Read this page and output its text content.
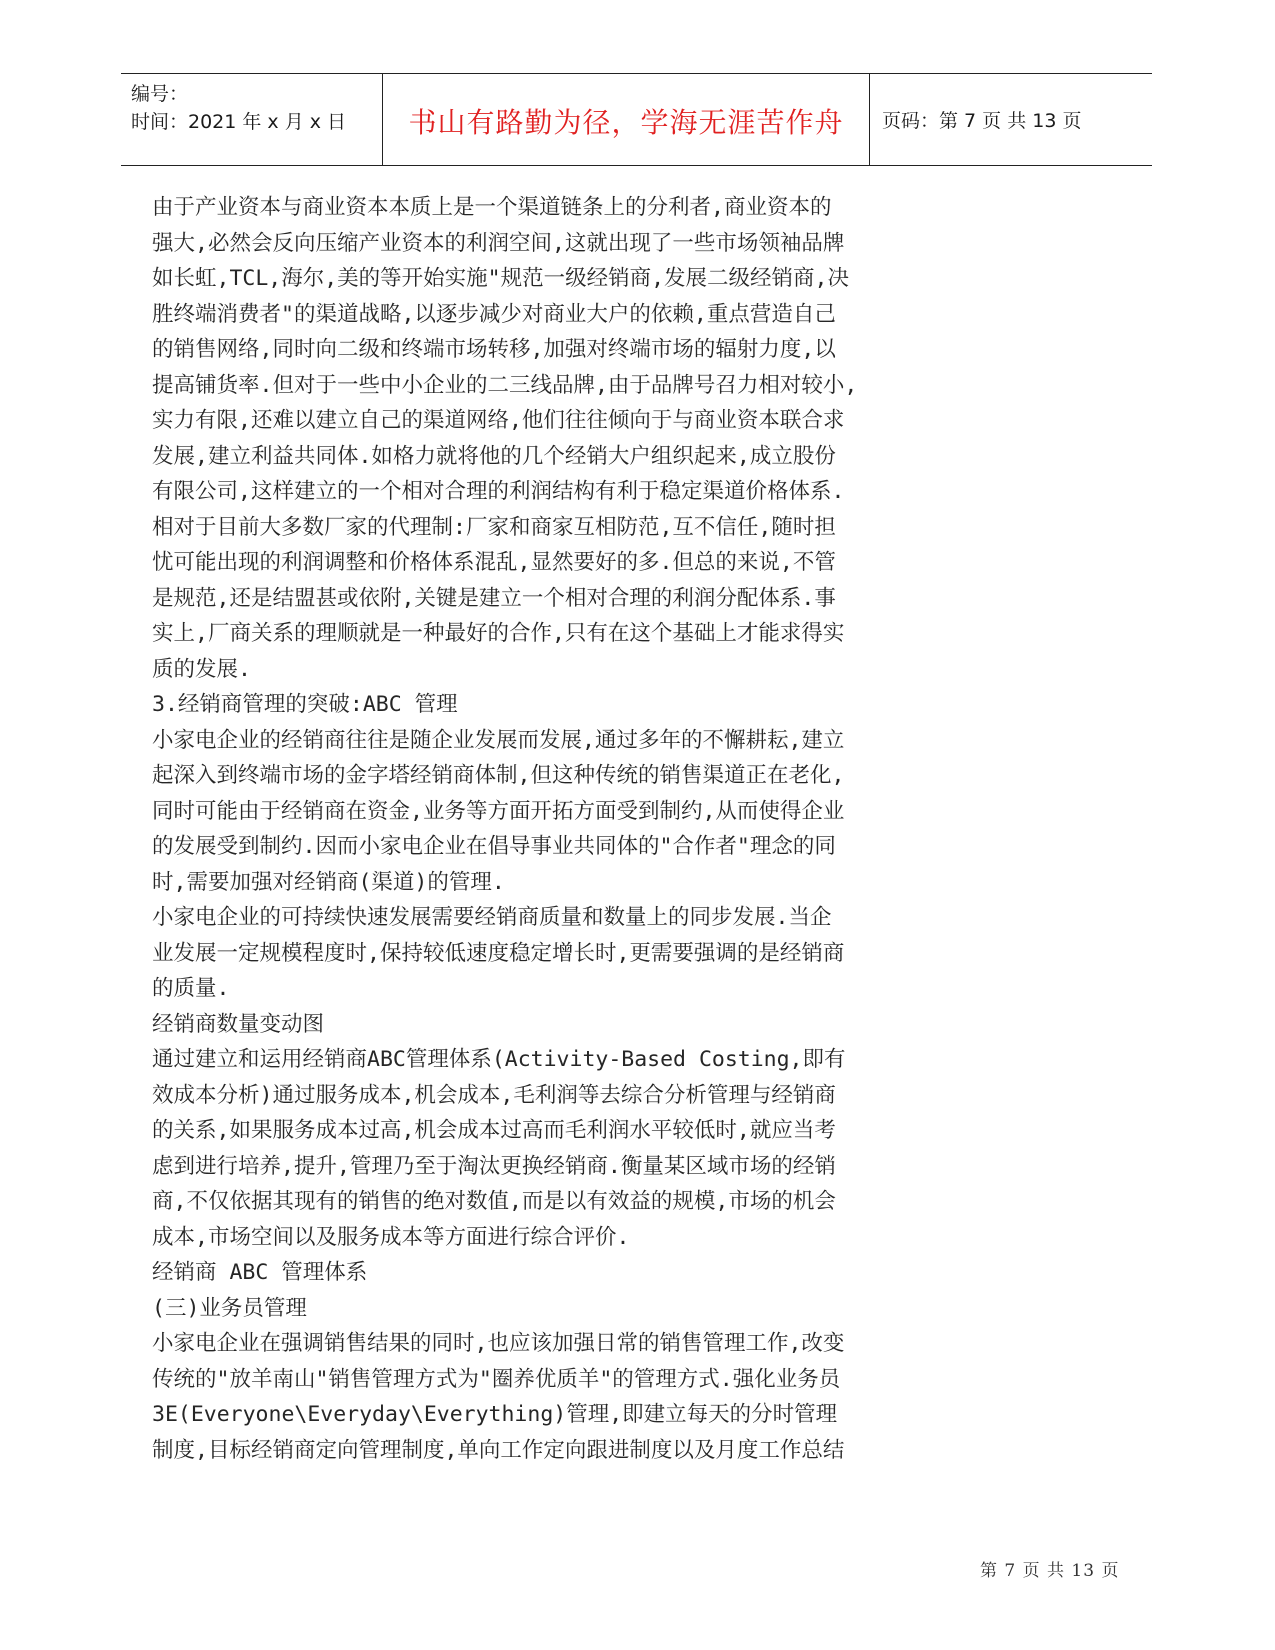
编号：
时间：2021 年 x 月 x 日	书山有路勤为径，学海无涯苦作舟 页码：第 7 页 共 13 页
由于产业资本与商业资本本质上是一个渠道链条上的分利者,商业资本的
强大,必然会反向压缩产业资本的利润空间,这就出现了一些市场领袖品牌
如长虹,TCL,海尔,美的等开始实施"规范一级经销商,发展二级经销商,决
胜终端消费者"的渠道战略,以逐步减少对商业大户的依赖,重点营造自己
的销售网络,同时向二级和终端市场转移,加强对终端市场的辐射力度,以
提高铺货率.但对于一些中小企业的二三线品牌,由于品牌号召力相对较小,
实力有限,还难以建立自己的渠道网络,他们往往倾向于与商业资本联合求
发展,建立利益共同体.如格力就将他的几个经销大户组织起来,成立股份
有限公司,这样建立的一个相对合理的利润结构有利于稳定渠道价格体系.
相对于目前大多数厂家的代理制:厂家和商家互相防范,互不信任,随时担
忧可能出现的利润调整和价格体系混乱,显然要好的多.但总的来说,不管
是规范,还是结盟甚或依附,关键是建立一个相对合理的利润分配体系.事
实上,厂商关系的理顺就是一种最好的合作,只有在这个基础上才能求得实
质的发展.
3.经销商管理的突破:ABC 管理
小家电企业的经销商往往是随企业发展而发展,通过多年的不懈耕耘,建立
起深入到终端市场的金字塔经销商体制,但这种传统的销售渠道正在老化,
同时可能由于经销商在资金,业务等方面开拓方面受到制约,从而使得企业
的发展受到制约.因而小家电企业在倡导事业共同体的"合作者"理念的同
时,需要加强对经销商(渠道)的管理.
小家电企业的可持续快速发展需要经销商质量和数量上的同步发展.当企
业发展一定规模程度时,保持较低速度稳定增长时,更需要强调的是经销商
的质量.
经销商数量变动图
通过建立和运用经销商ABC管理体系(Activity-Based Costing,即有
效成本分析)通过服务成本,机会成本,毛利润等去综合分析管理与经销商
的关系,如果服务成本过高,机会成本过高而毛利润水平较低时,就应当考
虑到进行培养,提升,管理乃至于淘汰更换经销商.衡量某区域市场的经销
商,不仅依据其现有的销售的绝对数值,而是以有效益的规模,市场的机会
成本,市场空间以及服务成本等方面进行综合评价.
经销商 ABC 管理体系
(三)业务员管理
小家电企业在强调销售结果的同时,也应该加强日常的销售管理工作,改变
传统的"放羊南山"销售管理方式为"圈养优质羊"的管理方式.强化业务员
3E(Everyone\Everyday\Everything)管理,即建立每天的分时管理
制度,目标经销商定向管理制度,单向工作定向跟进制度以及月度工作总结
第 7 页 共 13 页
